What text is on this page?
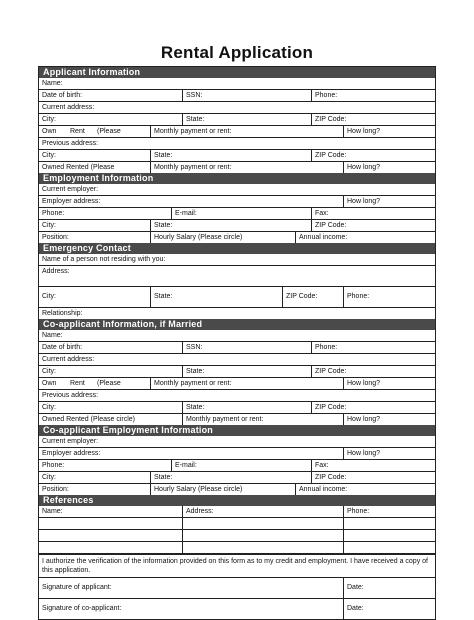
Rental Application
Applicant Information
Name:
Date of birth:	SSN:	Phone:
Current address:
City:	State:	ZIP Code:
Own	Rent	(Please	Monthly payment or rent:	How long?
Previous address:
City:	State:	ZIP Code:
Owned Rented (Please	Monthly payment or rent:	How long?
Employment Information
Current employer:
Employer address:	How long?
Phone:	E-mail:	Fax:
City:	State:	ZIP Code:
Position:	Hourly Salary (Please circle)	Annual income:
Emergency Contact
Name of a person not residing with you:
Address:
City:	State:	ZIP Code:	Phone:
Relationship:
Co-applicant Information, if Married
Name:
Date of birth:	SSN:	Phone:
Current address:
City:	State:	ZIP Code:
Own	Rent	(Please	Monthly payment or rent:	How long?
Previous address:
City:	State:	ZIP Code:
Owned Rented (Please circle)	Monthly payment or rent:	How long?
Co-applicant Employment Information
Current employer:
Employer address:	How long?
Phone:	E-mail:	Fax:
City:	State:	ZIP Code:
Position:	Hourly Salary (Please circle)	Annual income:
References
Name:	Address:	Phone:
I authorize the verification of the information provided on this form as to my credit and employment. I have received a copy of this application.
Signature of applicant:	Date:
Signature of co-applicant:	Date:
